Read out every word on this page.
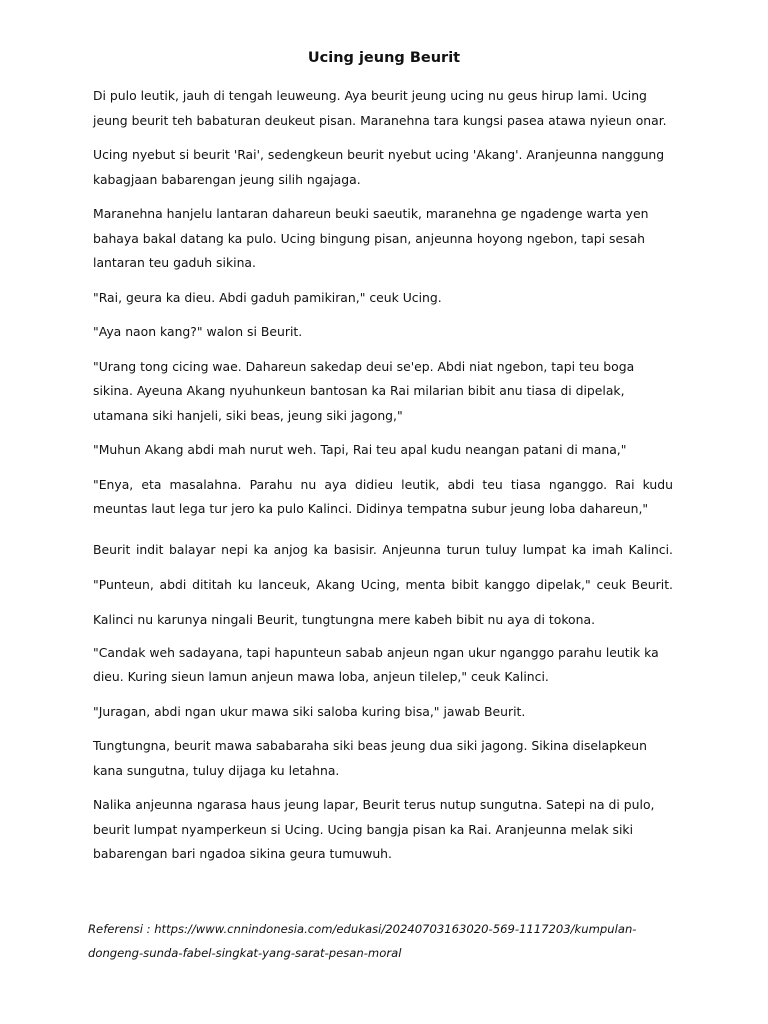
Ucing jeung Beurit

Di pulo leutik, jauh di tengah leuweung. Aya beurit jeung ucing nu geus hirup lami. Ucing jeung beurit teh babaturan deukeut pisan. Maranehna tara kungsi pasea atawa nyieun onar.

Ucing nyebut si beurit 'Rai', sedengkeun beurit nyebut ucing 'Akang'. Aranjeunna nanggung kabagjaan babarengan jeung silih ngajaga.

Maranehna hanjelu lantaran dahareun beuki saeutik, maranehna ge ngadenge warta yen bahaya bakal datang ka pulo. Ucing bingung pisan, anjeunna hoyong ngebon, tapi sesah lantaran teu gaduh sikina.

"Rai, geura ka dieu. Abdi gaduh pamikiran," ceuk Ucing.

"Aya naon kang?" walon si Beurit.

"Urang tong cicing wae. Dahareun sakedap deui se'ep. Abdi niat ngebon, tapi teu boga sikina. Ayeuna Akang nyuhunkeun bantosan ka Rai milarian bibit anu tiasa di dipelak, utamana siki hanjeli, siki beas, jeung siki jagong,"

"Muhun Akang abdi mah nurut weh. Tapi, Rai teu apal kudu neangan patani di mana,"

"Enya, eta masalahna. Parahu nu aya didieu leutik, abdi teu tiasa nganggo. Rai kudu meuntas laut lega tur jero ka pulo Kalinci. Didinya tempatna subur jeung loba dahareun,"

Beurit indit balayar nepi ka anjog ka basisir. Anjeunna turun tuluy lumpat ka imah Kalinci. "Punteun, abdi dititah ku lanceuk, Akang Ucing, menta bibit kanggo dipelak," ceuk Beurit. Kalinci nu karunya ningali Beurit, tungtungna mere kabeh bibit nu aya di tokona.

"Candak weh sadayana, tapi hapunteun sabab anjeun ngan ukur nganggo parahu leutik ka dieu. Kuring sieun lamun anjeun mawa loba, anjeun tilelep," ceuk Kalinci.

"Juragan, abdi ngan ukur mawa siki saloba kuring bisa," jawab Beurit.

Tungtungna, beurit mawa sababaraha siki beas jeung dua siki jagong. Sikina diselapkeun kana sungutna, tuluy dijaga ku letahna.

Nalika anjeunna ngarasa haus jeung lapar, Beurit terus nutup sungutna. Satepi na di pulo, beurit lumpat nyamperkeun si Ucing. Ucing bangja pisan ka Rai. Aranjeunna melak siki babarengan bari ngadoa sikina geura tumuwuh.

Referensi : https://www.cnnindonesia.com/edukasi/20240703163020-569-1117203/kumpulan-dongeng-sunda-fabel-singkat-yang-sarat-pesan-moral
